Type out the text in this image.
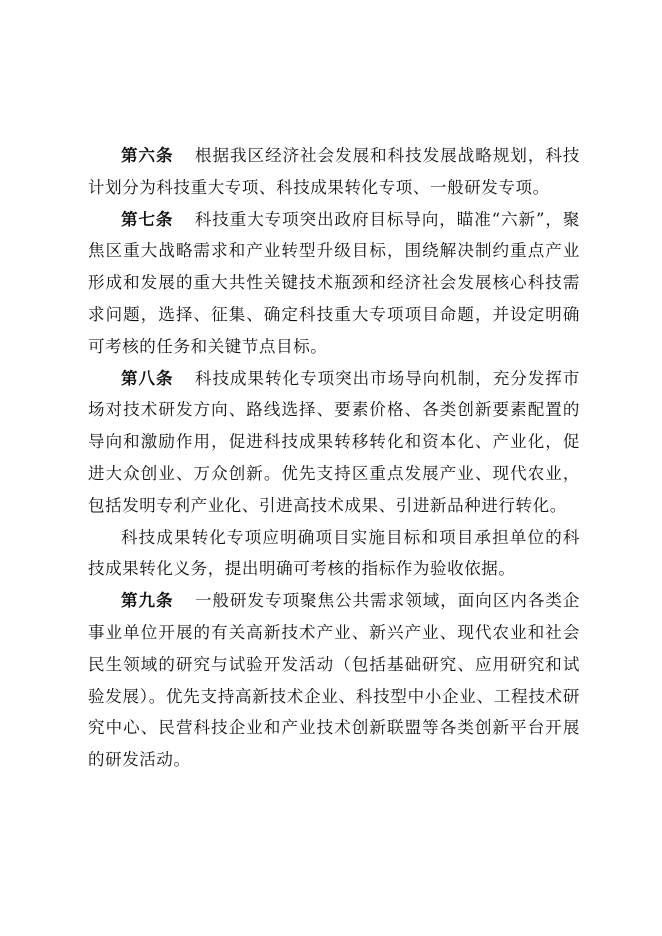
第六条 根据我区经济社会发展和科技发展战略规划，科技计划分为科技重大专项、科技成果转化专项、一般研发专项。

第七条 科技重大专项突出政府目标导向，瞄准“六新”，聚焦区重大战略需求和产业转型升级目标，围绕解决制约重点产业形成和发展的重大共性关键技术瓶颈和经济社会发展核心科技需求问题，选择、征集、确定科技重大专项项目命题，并设定明确可考核的任务和关键节点目标。

第八条 科技成果转化专项突出市场导向机制，充分发挥市场对技术研发方向、路线选择、要素价格、各类创新要素配置的导向和激励作用，促进科技成果转移转化和资本化、产业化，促进大众创业、万众创新。优先支持区重点发展产业、现代农业，包括发明专利产业化、引进高技术成果、引进新品种进行转化。

科技成果转化专项应明确项目实施目标和项目承担单位的科技成果转化义务，提出明确可考核的指标作为验收依据。

第九条 一般研发专项聚焦公共需求领域，面向区内各类企事业单位开展的有关高新技术产业、新兴产业、现代农业和社会民生领域的研究与试验开发活动（包括基础研究、应用研究和试验发展）。优先支持高新技术企业、科技型中小企业、工程技术研究中心、民营科技企业和产业技术创新联盟等各类创新平台开展的研发活动。
